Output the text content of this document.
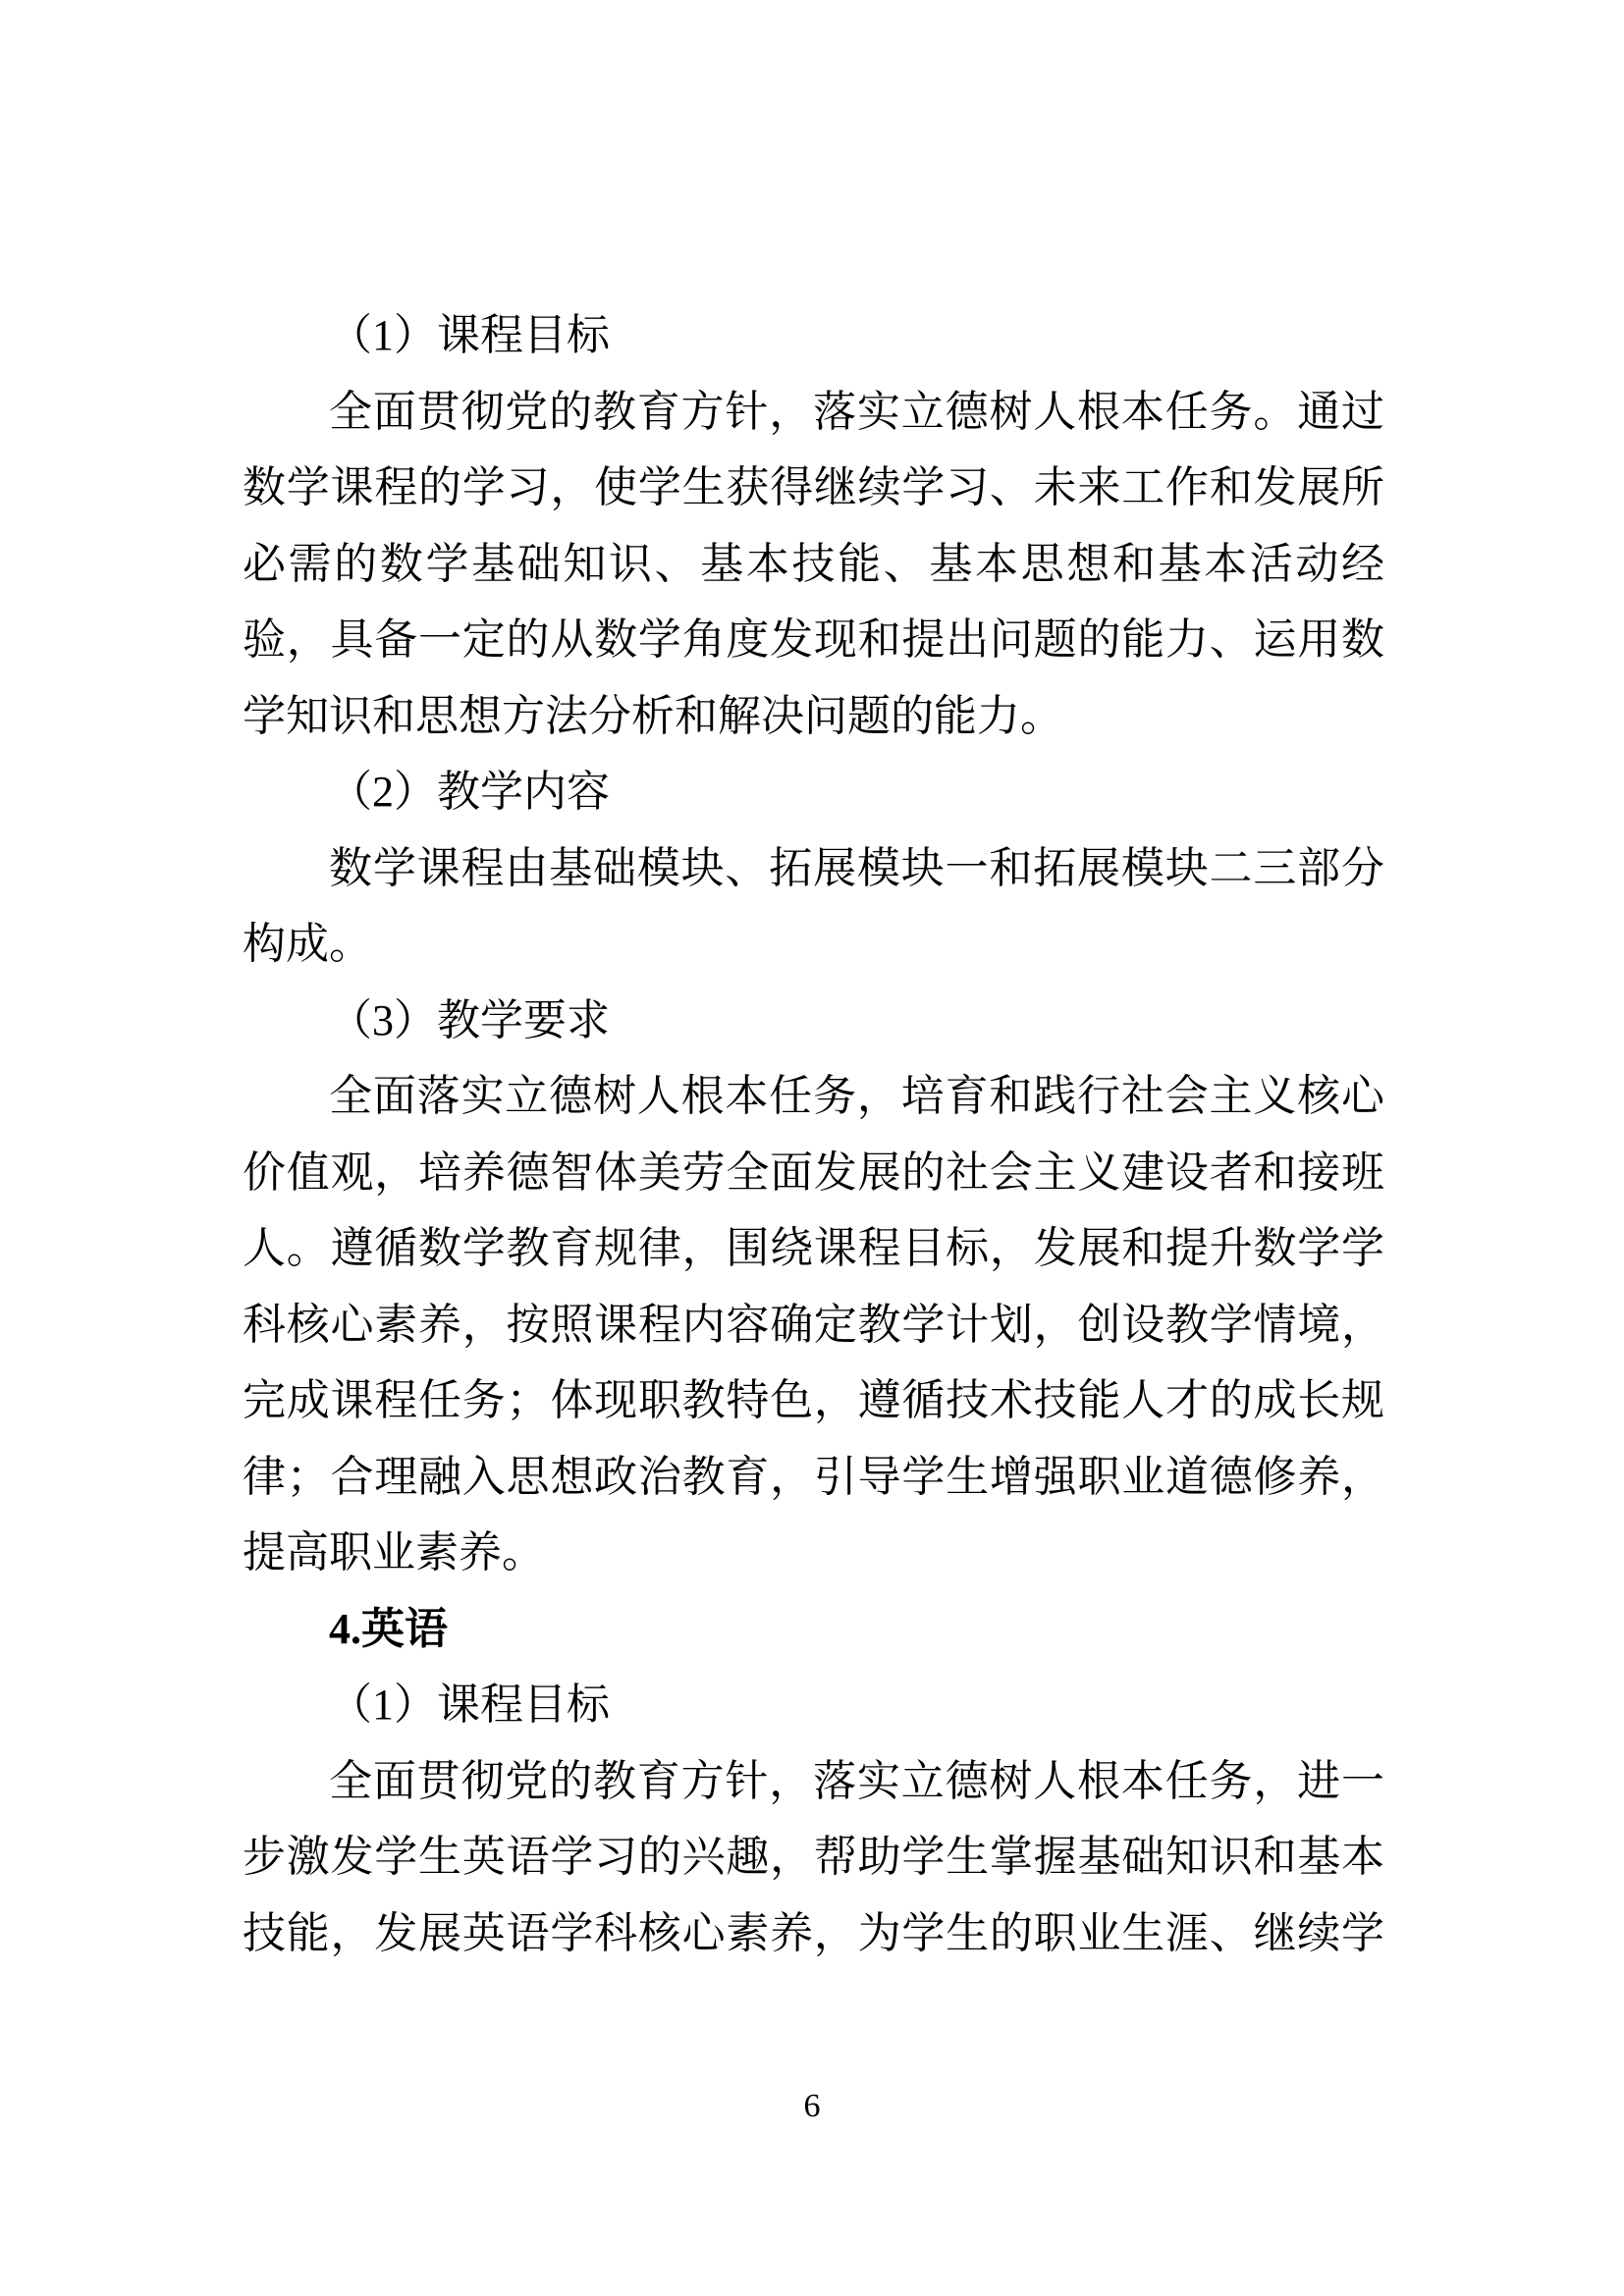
（1）课程目标
全面贯彻党的教育方针，落实立德树人根本任务。通过
数学课程的学习，使学生获得继续学习、未来工作和发展所
必需的数学基础知识、基本技能、基本思想和基本活动经
验，具备一定的从数学角度发现和提出问题的能力、运用数
学知识和思想方法分析和解决问题的能力。
（2）教学内容
数学课程由基础模块、拓展模块一和拓展模块二三部分
构成。
（3）教学要求
全面落实立德树人根本任务，培育和践行社会主义核心
价值观，培养德智体美劳全面发展的社会主义建设者和接班
人。遵循数学教育规律，围绕课程目标，发展和提升数学学
科核心素养，按照课程内容确定教学计划，创设教学情境，
完成课程任务；体现职教特色，遵循技术技能人才的成长规
律；合理融入思想政治教育，引导学生增强职业道德修养，
提高职业素养。
4.英语
（1）课程目标
全面贯彻党的教育方针，落实立德树人根本任务，进一
步激发学生英语学习的兴趣，帮助学生掌握基础知识和基本
技能，发展英语学科核心素养，为学生的职业生涯、继续学
6
